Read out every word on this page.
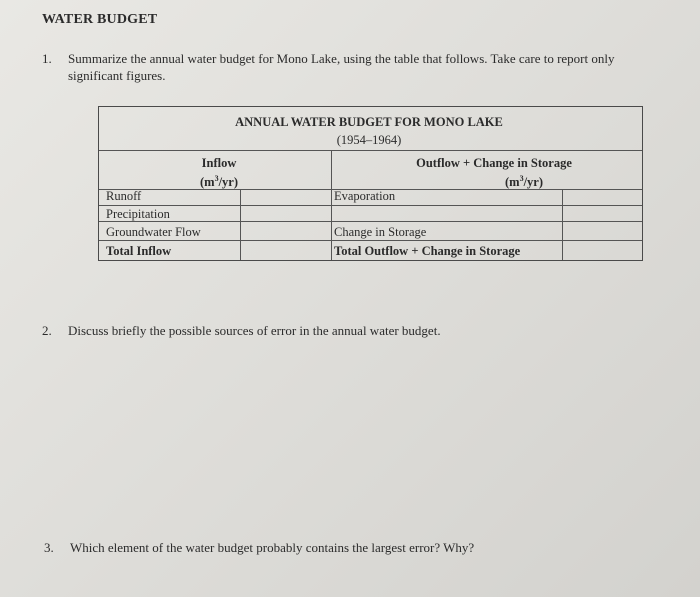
WATER BUDGET
1. Summarize the annual water budget for Mono Lake, using the table that follows. Take care to report only significant figures.
ANNUAL WATER BUDGET FOR MONO LAKE
(1954–1964)
Inflow
$(m^3/yr)$
Outflow + Change in Storage
$(m^3/yr)$
Runoff
Precipitation
Groundwater Flow
Total Inflow
Evaporation
Change in Storage
Total Outflow + Change in Storage
2. Discuss briefly the possible sources of error in the annual water budget.
3. Which element of the water budget probably contains the largest error? Why?
